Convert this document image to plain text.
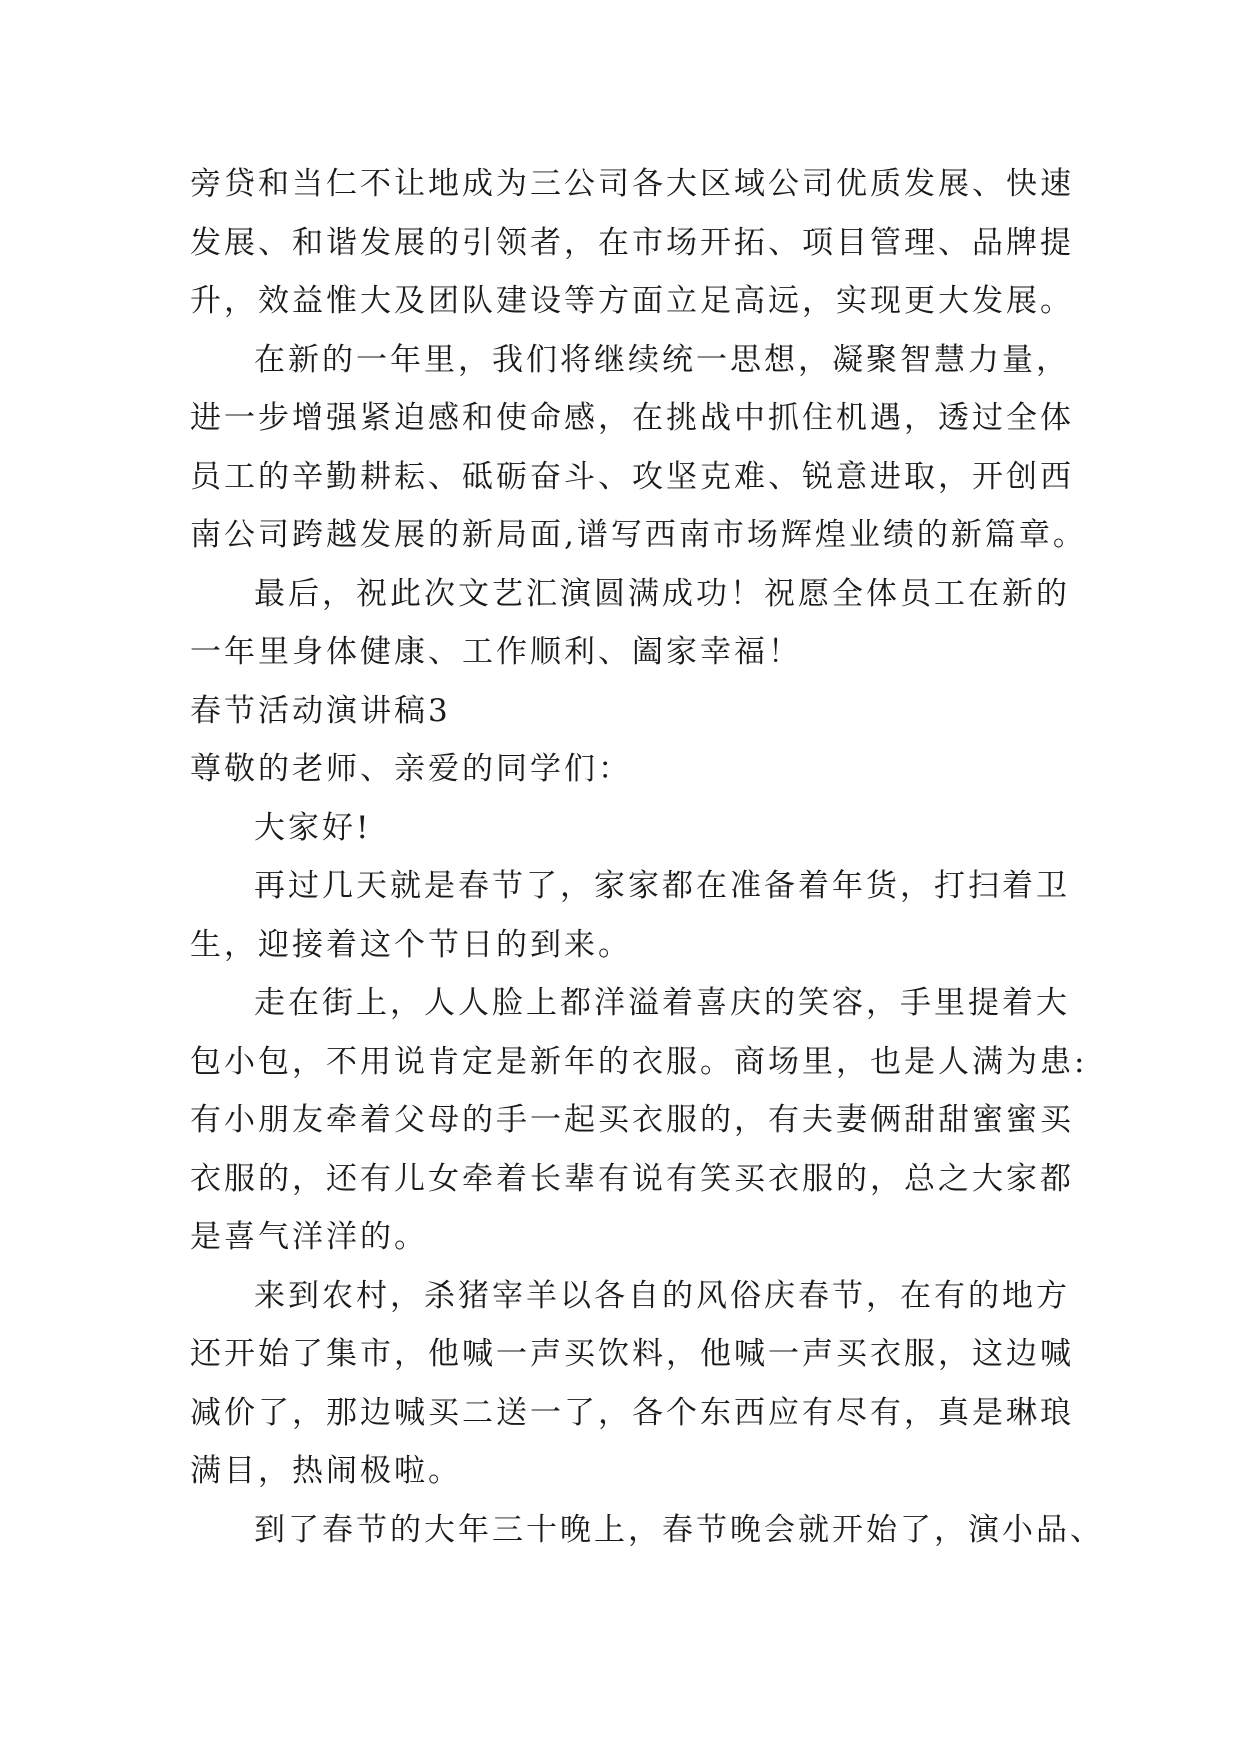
旁贷和当仁不让地成为三公司各大区域公司优质发展、快速
发展、和谐发展的引领者，在市场开拓、项目管理、品牌提
升，效益惟大及团队建设等方面立足高远，实现更大发展。

在新的一年里，我们将继续统一思想，凝聚智慧力量，
进一步增强紧迫感和使命感，在挑战中抓住机遇，透过全体
员工的辛勤耕耘、砥砺奋斗、攻坚克难、锐意进取，开创西
南公司跨越发展的新局面,谱写西南市场辉煌业绩的新篇章。

最后，祝此次文艺汇演圆满成功！祝愿全体员工在新的
一年里身体健康、工作顺利、阖家幸福！

春节活动演讲稿3

尊敬的老师、亲爱的同学们：

大家好!

再过几天就是春节了，家家都在准备着年货，打扫着卫
生，迎接着这个节日的到来。

走在街上，人人脸上都洋溢着喜庆的笑容，手里提着大
包小包，不用说肯定是新年的衣服。商场里，也是人满为患:
有小朋友牵着父母的手一起买衣服的，有夫妻俩甜甜蜜蜜买
衣服的，还有儿女牵着长辈有说有笑买衣服的，总之大家都
是喜气洋洋的。

来到农村，杀猪宰羊以各自的风俗庆春节，在有的地方
还开始了集市，他喊一声买饮料，他喊一声买衣服，这边喊
减价了，那边喊买二送一了，各个东西应有尽有，真是琳琅
满目，热闹极啦。

到了春节的大年三十晚上，春节晚会就开始了，演小品、
